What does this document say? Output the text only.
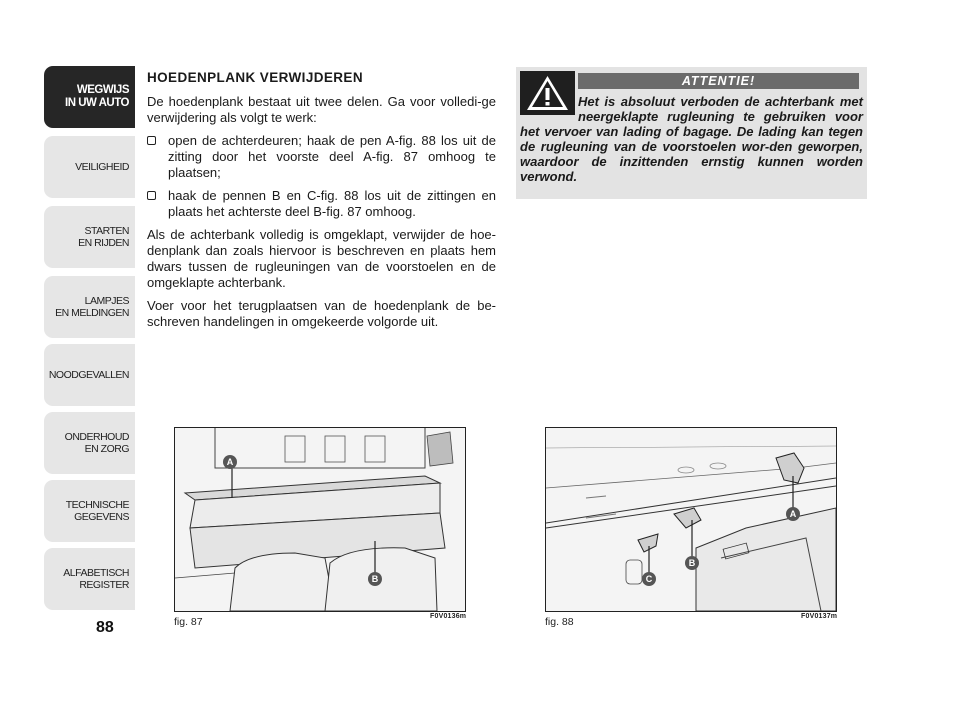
WEGWIJS
IN UW AUTO
VEILIGHEID
STARTEN
EN RIJDEN
LAMPJES
EN MELDINGEN
NOODGEVALLEN
ONDERHOUD
EN ZORG
TECHNISCHE
GEGEVENS
ALFABETISCH
REGISTER
88
HOEDENPLANK VERWIJDEREN

De hoedenplank bestaat uit twee delen. Ga voor volledi-ge verwijdering als volgt te werk:

open de achterdeuren; haak de pen A-fig. 88 los uit de zitting door het voorste deel A-fig. 87 omhoog te plaatsen;
haak de pennen B en C-fig. 88 los uit de zittingen en plaats het achterste deel B-fig. 87 omhoog.

Als de achterbank volledig is omgeklapt, verwijder de hoe-denplank dan zoals hiervoor is beschreven en plaats hem dwars tussen de rugleuningen van de voorstoelen en de omgeklapte achterbank.

Voer voor het terugplaatsen van de hoedenplank de be-schreven handelingen in omgekeerde volgorde uit.

ATTENTIE!
Het is absoluut verboden de achterbank met neergeklapte rugleuning te gebruiken voor het vervoer van lading of bagage. De lading kan tegen de rugleuning van de voorstoelen wor-den geworpen, waardoor de inzittenden ernstig kunnen worden verwond.
A
B
fig. 87	F0V0136m
A
B
C
fig. 88	F0V0137m
